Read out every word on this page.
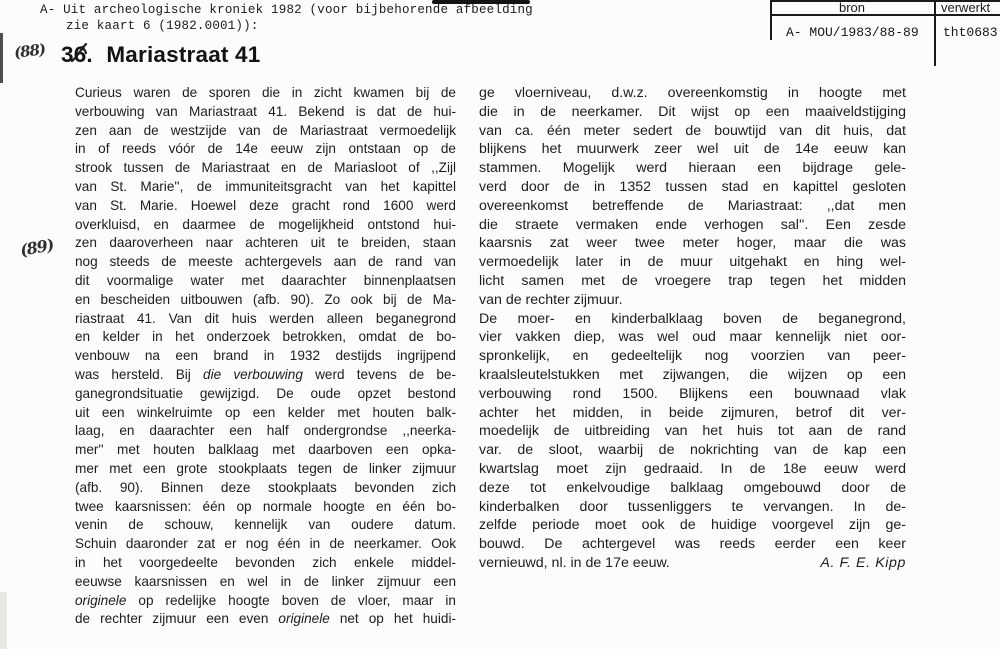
A- Uit archeologische kroniek 1982 (voor bijbehorende afbeelding
zie kaart 6 (1982.0001)):
bron	verwerkt
A- MOU/1983/88-89 tht0683
(88)
(89)
36. Mariastraat 41
Curieus waren de sporen die in zicht kwamen bij de
verbouwing van Mariastraat 41. Bekend is dat de hui-
zen aan de westzijde van de Mariastraat vermoedelijk
in of reeds vóór de 14e eeuw zijn ontstaan op de
strook tussen de Mariastraat en de Mariasloot of ,,Zijl
van St. Marie'', de immuniteitsgracht van het kapittel
van St. Marie. Hoewel deze gracht rond 1600 werd
overkluisd, en daarmee de mogelijkheid ontstond hui-
zen daaroverheen naar achteren uit te breiden, staan
nog steeds de meeste achtergevels aan de rand van
dit voormalige water met daarachter binnenplaatsen
en bescheiden uitbouwen (afb. 90). Zo ook bij de Ma-
riastraat 41. Van dit huis werden alleen beganegrond
en kelder in het onderzoek betrokken, omdat de bo-
venbouw na een brand in 1932 destijds ingrijpend
was hersteld. Bij die verbouwing werd tevens de be-
ganegrondsituatie gewijzigd. De oude opzet bestond
uit een winkelruimte op een kelder met houten balk-
laag, en daarachter een half ondergrondse ,,neerka-
mer'' met houten balklaag met daarboven een opka-
mer met een grote stookplaats tegen de linker zijmuur
(afb. 90). Binnen deze stookplaats bevonden zich
twee kaarsnissen: één op normale hoogte en één bo-
venin de schouw, kennelijk van oudere datum.
Schuin daaronder zat er nog één in de neerkamer. Ook
in het voorgedeelte bevonden zich enkele middel-
eeuwse kaarsnissen en wel in de linker zijmuur een
originele op redelijke hoogte boven de vloer, maar in
de rechter zijmuur een even originele net op het huidi-
ge vloerniveau, d.w.z. overeenkomstig in hoogte met
die in de neerkamer. Dit wijst op een maaiveldstijging
van ca. één meter sedert de bouwtijd van dit huis, dat
blijkens het muurwerk zeer wel uit de 14e eeuw kan
stammen. Mogelijk werd hieraan een bijdrage gele-
verd door de in 1352 tussen stad en kapittel gesloten
overeenkomst betreffende de Mariastraat: ,,dat men
die straete vermaken ende verhogen sal''. Een zesde
kaarsnis zat weer twee meter hoger, maar die was
vermoedelijk later in de muur uitgehakt en hing wel-
licht samen met de vroegere trap tegen het midden
van de rechter zijmuur.
De moer- en kinderbalklaag boven de beganegrond,
vier vakken diep, was wel oud maar kennelijk niet oor-
spronkelijk, en gedeeltelijk nog voorzien van peer-
kraalsleutelstukken met zijwangen, die wijzen op een
verbouwing rond 1500. Blijkens een bouwnaad vlak
achter het midden, in beide zijmuren, betrof dit ver-
moedelijk de uitbreiding van het huis tot aan de rand
var. de sloot, waarbij de nokrichting van de kap een
kwartslag moet zijn gedraaid. In de 18e eeuw werd
deze tot enkelvoudige balklaag omgebouwd door de
kinderbalken door tussenliggers te vervangen. In de-
zelfde periode moet ook de huidige voorgevel zijn ge-
bouwd. De achtergevel was reeds eerder een keer
vernieuwd, nl. in de 17e eeuw.	A. F. E. Kipp
